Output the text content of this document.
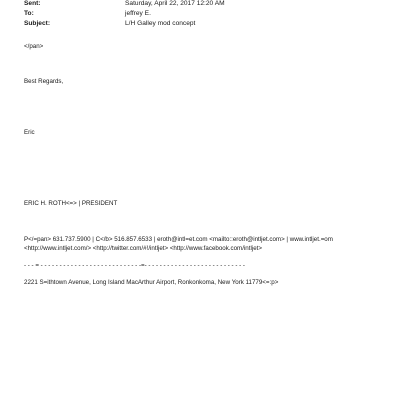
Sent:	Saturday, April 22, 2017 12:20 AM
To:	jeffrey E.
Subject:	L/H Galley mod concept
</pan>
Best Regards,
Eric
ERIC H. ROTH<=> | PRESIDENT
P</=pan> 631.737.5900 | C</b> 516.857.6533 | eroth@intl=et.com <mailto::eroth@intljet.com> | www.intljet.=om
<http://www.intljet.com/> <http://twitter.com/#!/intljet> <http://www.facebook.com/intljet>
- - - = - - - - - - - - - - - - - - - - - - - - - - - - - - -=- - - - - - - - - - - - - - - - - - - - - - - - - - -
2221 S=ithtown Avenue, Long Island MacArthur Airport, Ronkonkoma, New York 11779<=:p>
